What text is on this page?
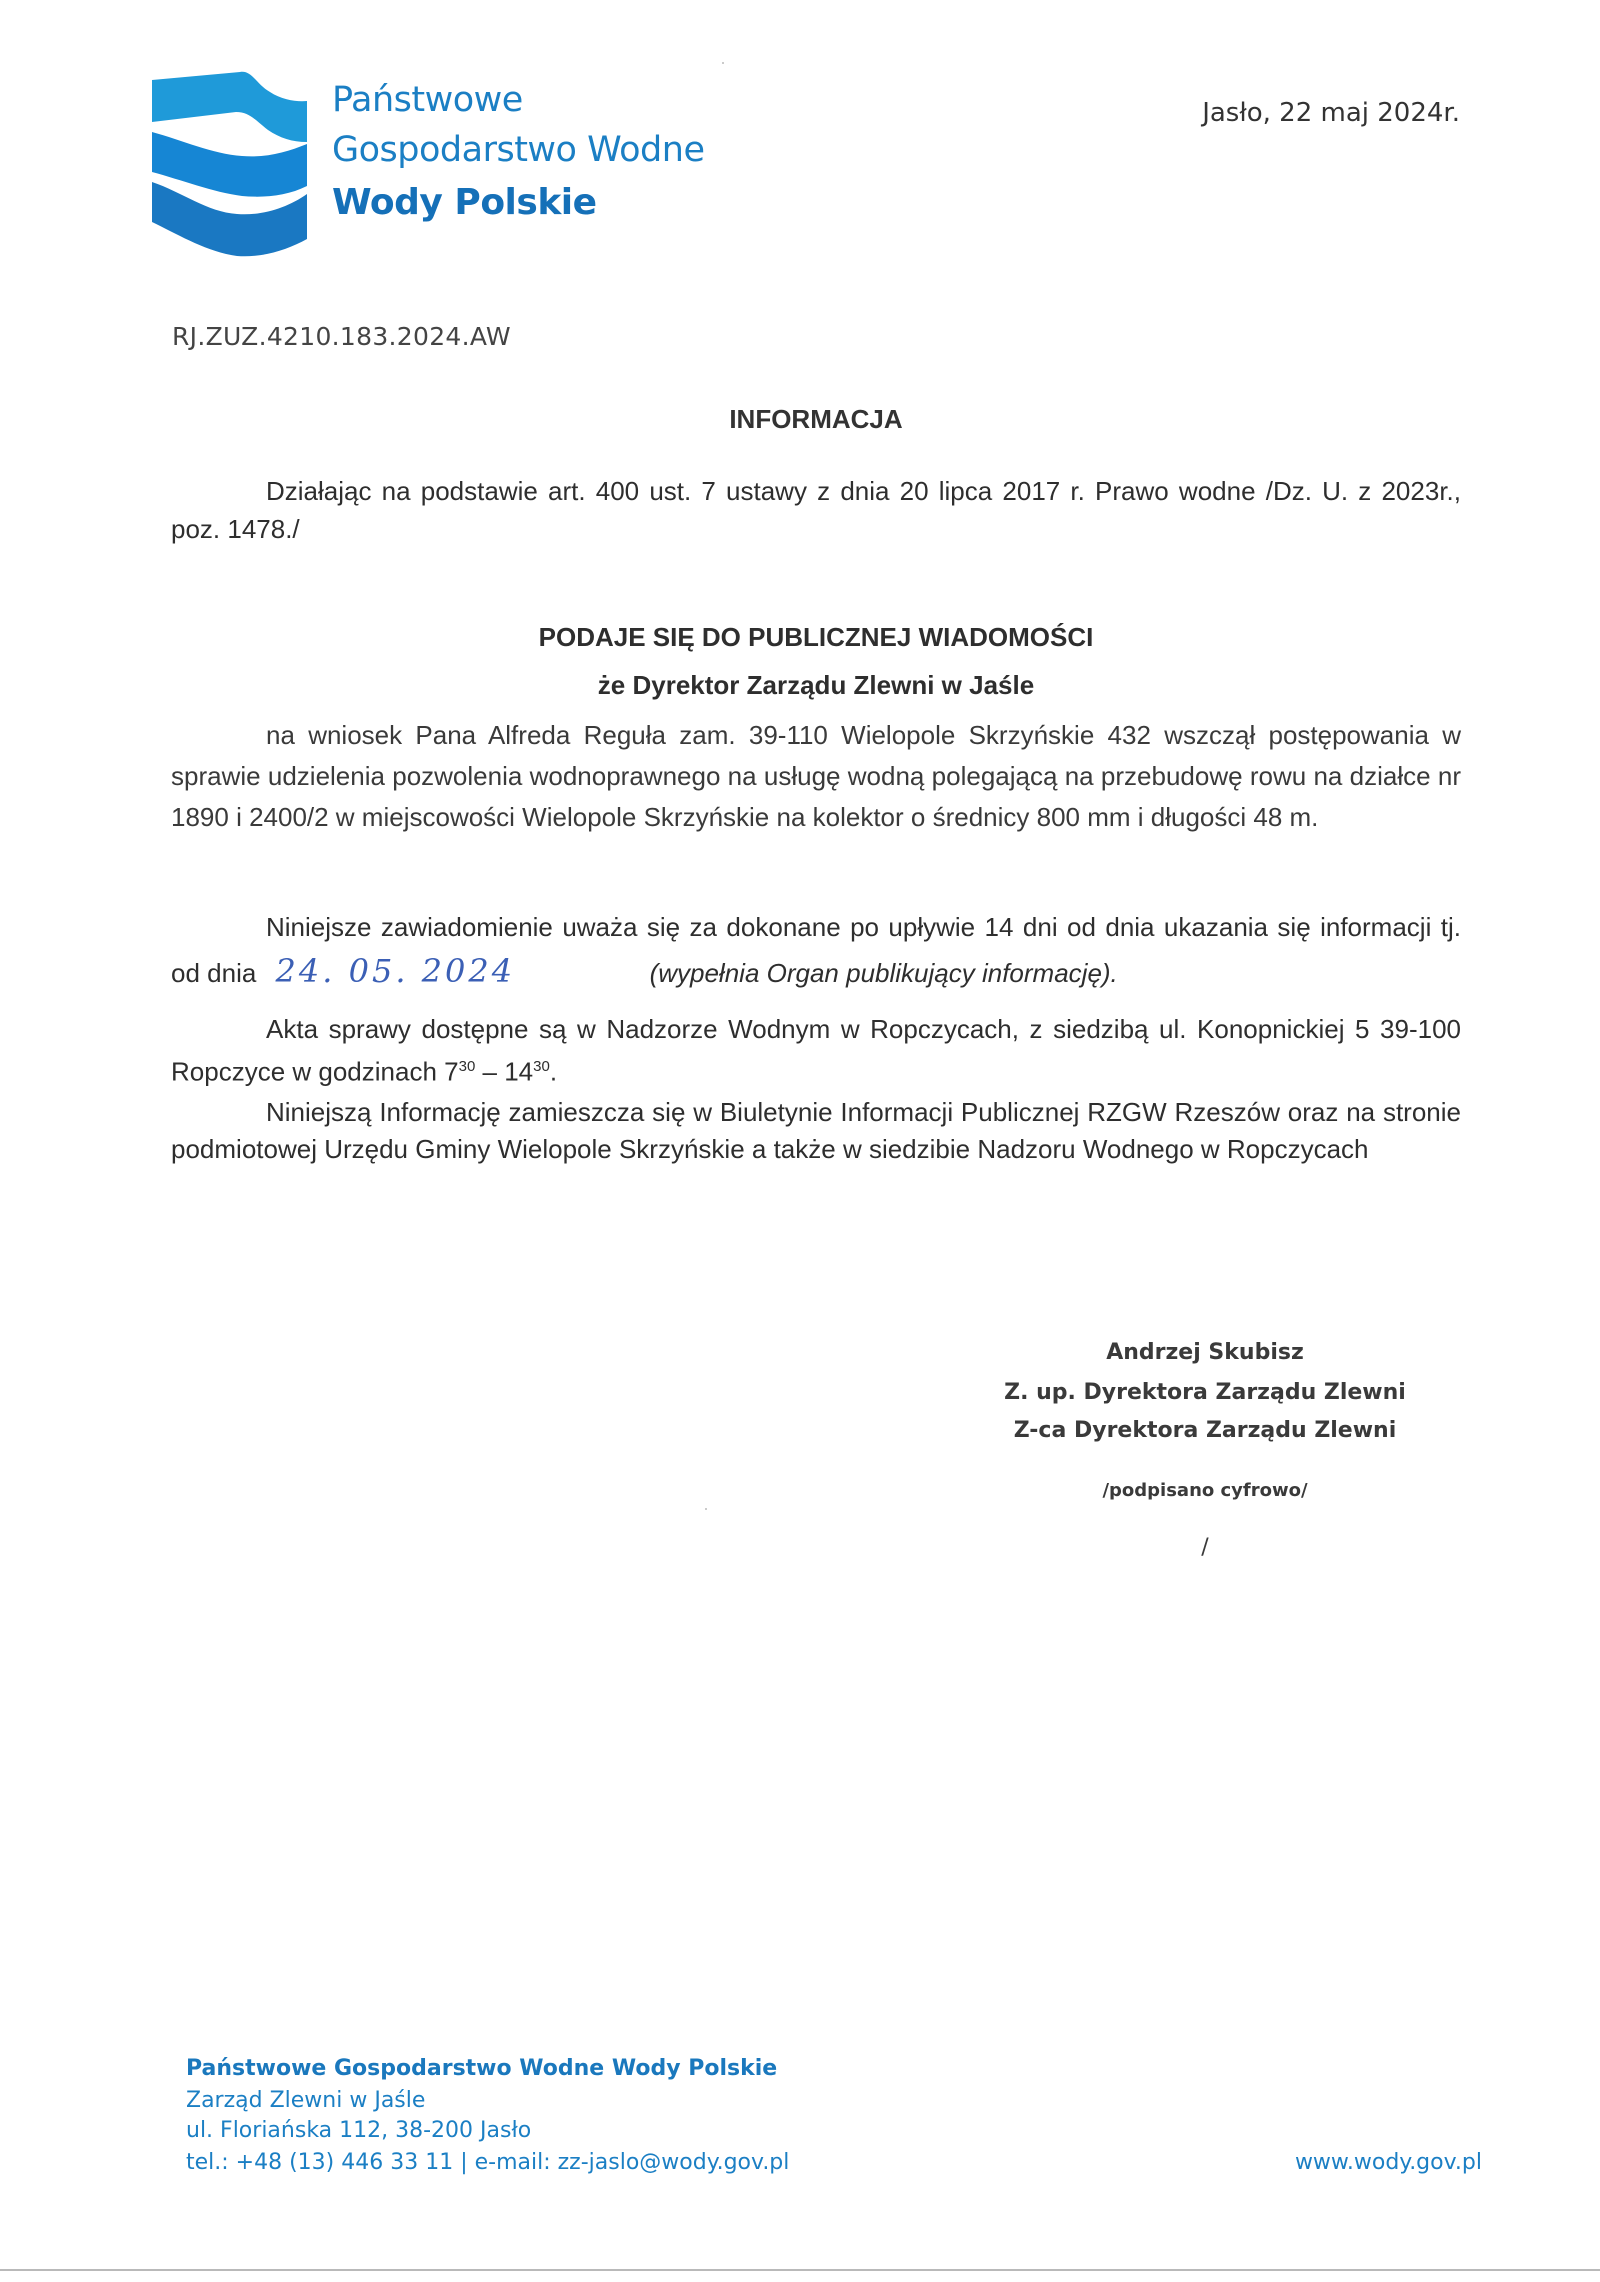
Państwowe
Gospodarstwo Wodne
Wody Polskie
Jasło, 22 maj 2024r.
RJ.ZUZ.4210.183.2024.AW
INFORMACJA
Działając na podstawie art. 400 ust. 7 ustawy z dnia 20 lipca 2017 r. Prawo wodne /Dz. U. z 2023r., poz. 1478./
PODAJE SIĘ DO PUBLICZNEJ WIADOMOŚCI
że Dyrektor Zarządu Zlewni w Jaśle
na wniosek Pana Alfreda Reguła zam. 39-110 Wielopole Skrzyńskie 432 wszczął postępowania w sprawie udzielenia pozwolenia wodnoprawnego na usługę wodną polegającą na przebudowę rowu na działce nr 1890 i 2400/2 w miejscowości Wielopole Skrzyńskie na kolektor o średnicy 800 mm i długości 48 m.
Niniejsze zawiadomienie uważa się za dokonane po upływie 14 dni od dnia ukazania się informacji tj. od dnia 24. 05. 2024	(wypełnia Organ publikujący informację).
Akta sprawy dostępne są w Nadzorze Wodnym w Ropczycach, z siedzibą ul. Konopnickiej 5 39-100 Ropczyce w godzinach $7^{30} - 14^{30}$.
Niniejszą Informację zamieszcza się w Biuletynie Informacji Publicznej RZGW Rzeszów oraz na stronie podmiotowej Urzędu Gminy Wielopole Skrzyńskie a także w siedzibie Nadzoru Wodnego w Ropczycach
Andrzej Skubisz
Z. up. Dyrektora Zarządu Zlewni
Z-ca Dyrektora Zarządu Zlewni
/podpisano cyfrowo/
/
Państwowe Gospodarstwo Wodne Wody Polskie
Zarząd Zlewni w Jaśle
ul. Floriańska 112, 38-200 Jasło
tel.: +48 (13) 446 33 11 | e-mail: zz-jaslo@wody.gov.pl	www.wody.gov.pl
